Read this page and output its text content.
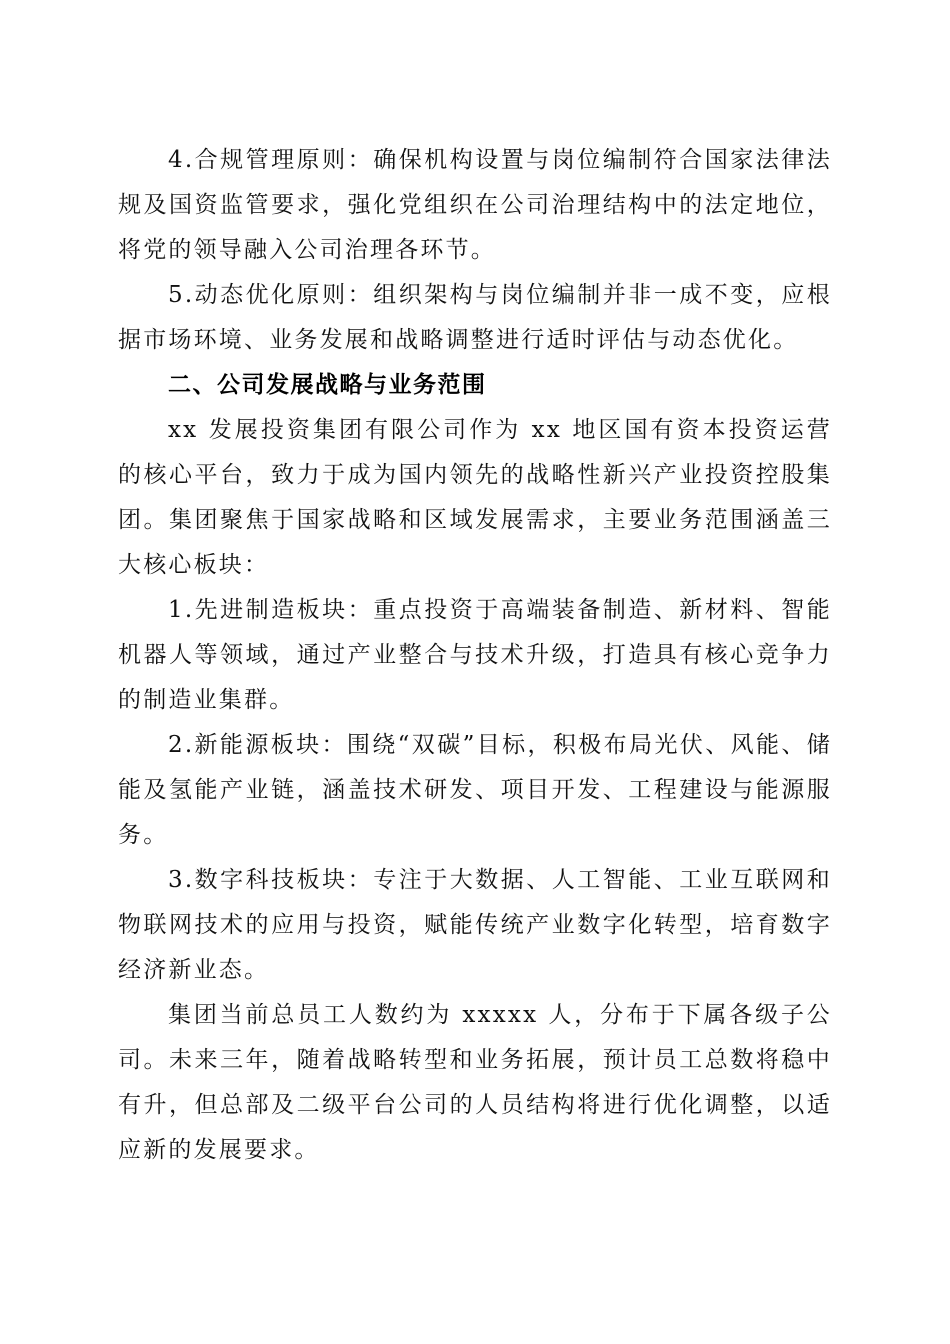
4.合规管理原则：确保机构设置与岗位编制符合国家法律法规及国资监管要求，强化党组织在公司治理结构中的法定地位，将党的领导融入公司治理各环节。

5.动态优化原则：组织架构与岗位编制并非一成不变，应根据市场环境、业务发展和战略调整进行适时评估与动态优化。

二、公司发展战略与业务范围

xx 发展投资集团有限公司作为 xx 地区国有资本投资运营的核心平台，致力于成为国内领先的战略性新兴产业投资控股集团。集团聚焦于国家战略和区域发展需求，主要业务范围涵盖三大核心板块：

1.先进制造板块：重点投资于高端装备制造、新材料、智能机器人等领域，通过产业整合与技术升级，打造具有核心竞争力的制造业集群。

2.新能源板块：围绕“双碳”目标，积极布局光伏、风能、储能及氢能产业链，涵盖技术研发、项目开发、工程建设与能源服务。

3.数字科技板块：专注于大数据、人工智能、工业互联网和物联网技术的应用与投资，赋能传统产业数字化转型，培育数字经济新业态。

集团当前总员工人数约为 xxxxx 人，分布于下属各级子公司。未来三年，随着战略转型和业务拓展，预计员工总数将稳中有升，但总部及二级平台公司的人员结构将进行优化调整，以适应新的发展要求。
